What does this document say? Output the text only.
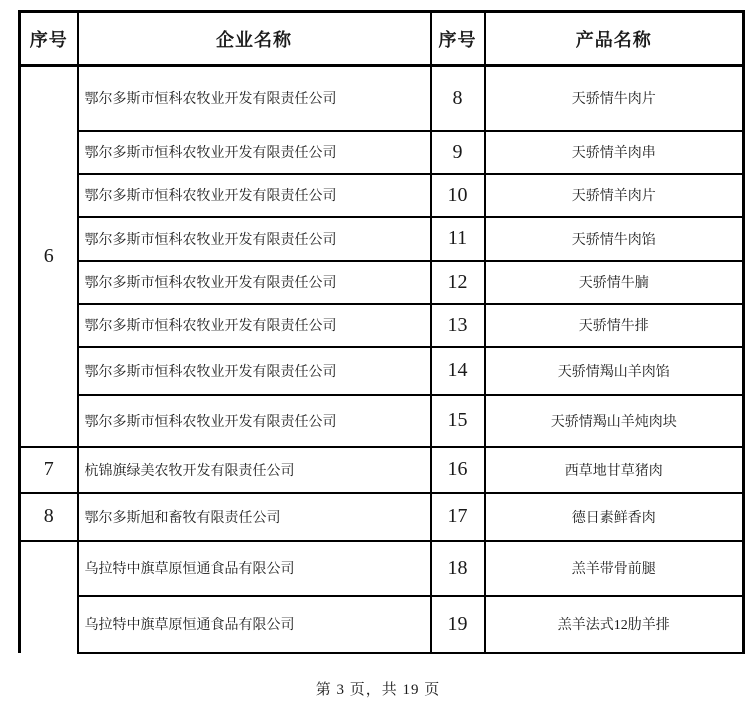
序号	企业名称	序号	产品名称
6	鄂尔多斯市恒科农牧业开发有限责任公司	8	天骄情牛肉片
	鄂尔多斯市恒科农牧业开发有限责任公司	9	天骄情羊肉串
	鄂尔多斯市恒科农牧业开发有限责任公司	10	天骄情羊肉片
	鄂尔多斯市恒科农牧业开发有限责任公司	11	天骄情牛肉馅
	鄂尔多斯市恒科农牧业开发有限责任公司	12	天骄情牛腩
	鄂尔多斯市恒科农牧业开发有限责任公司	13	天骄情牛排
	鄂尔多斯市恒科农牧业开发有限责任公司	14	天骄情羯山羊肉馅
	鄂尔多斯市恒科农牧业开发有限责任公司	15	天骄情羯山羊炖肉块
7	杭锦旗绿美农牧开发有限责任公司	16	西草地甘草猪肉
8	鄂尔多斯旭和畜牧有限责任公司	17	德日素鲜香肉
	乌拉特中旗草原恒通食品有限公司	18	羔羊带骨前腿
	乌拉特中旗草原恒通食品有限公司	19	羔羊法式12肋羊排
第 3 页，共 19 页
